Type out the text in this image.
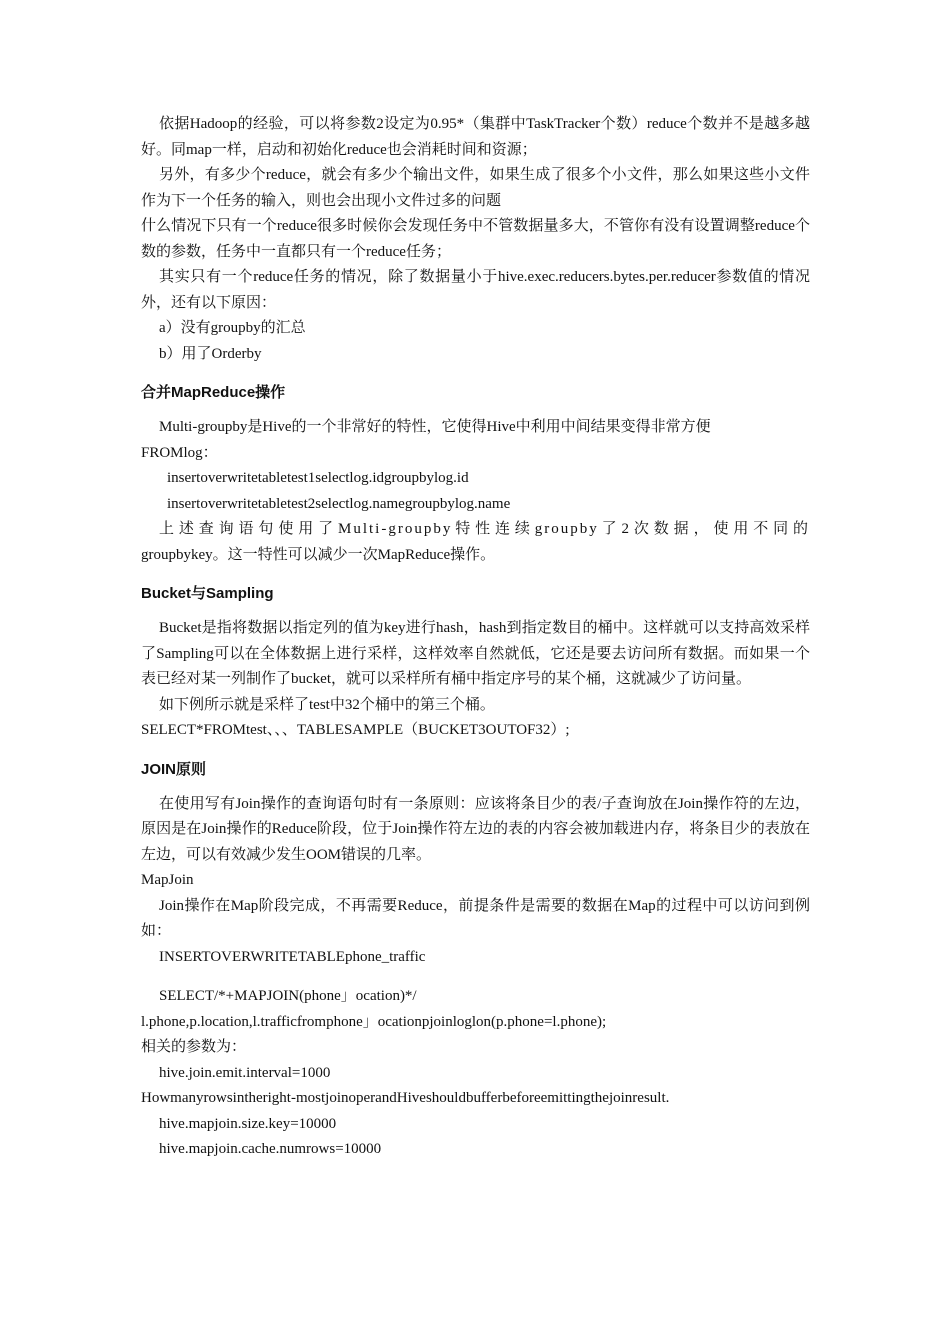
依据Hadoop的经验，可以将参数2设定为0.95*（集群中TaskTracker个数）reduce个数并不是越多越好。同map一样，启动和初始化reduce也会消耗时间和资源；

另外，有多少个reduce，就会有多少个输出文件，如果生成了很多个小文件，那么如果这些小文件作为下一个任务的输入，则也会出现小文件过多的问题

什么情况下只有一个reduce很多时候你会发现任务中不管数据量多大，不管你有没有设置调整reduce个数的参数，任务中一直都只有一个reduce任务；

其实只有一个reduce任务的情况，除了数据量小于hive.exec.reducers.bytes.per.reducer参数值的情况外，还有以下原因：

a）没有groupby的汇总

b）用了Orderby

合并MapReduce操作

Multi-groupby是Hive的一个非常好的特性，它使得Hive中利用中间结果变得非常方便

FROMlog：

insertoverwritetabletest1selectlog.idgroupbylog.id

insertoverwritetabletest2selectlog.namegroupbylog.name

上述查询语句使用了Multi-groupby特性连续groupby了2次数据，使用不同的

groupbykey。这一特性可以减少一次MapReduce操作。

Bucket与Sampling

Bucket是指将数据以指定列的值为key进行hash，hash到指定数目的桶中。这样就可以支持高效采样了Sampling可以在全体数据上进行采样，这样效率自然就低，它还是要去访问所有数据。而如果一个表已经对某一列制作了bucket，就可以采样所有桶中指定序号的某个桶，这就减少了访问量。

如下例所示就是采样了test中32个桶中的第三个桶。

SELECT*FROMtest、、、TABLESAMPLE（BUCKET3OUTOF32）;

JOIN原则

在使用写有Join操作的查询语句时有一条原则：应该将条目少的表/子查询放在Join操作符的左边，原因是在Join操作的Reduce阶段，位于Join操作符左边的表的内容会被加载进内存，将条目少的表放在左边，可以有效减少发生OOM错误的几率。

MapJoin

Join操作在Map阶段完成，不再需要Reduce，前提条件是需要的数据在Map的过程中可以访问到例如：

INSERTOVERWRITETABLEphone_traffic

SELECT/*+MAPJOIN(phone」ocation)*/

l.phone,p.location,l.trafficfromphone」ocationpjoinloglon(p.phone=l.phone);

相关的参数为：

hive.join.emit.interval=1000

Howmanyrowsintheright-mostjoinoperandHiveshouldbufferbeforeemittingthejoinresult.

hive.mapjoin.size.key=10000

hive.mapjoin.cache.numrows=10000
